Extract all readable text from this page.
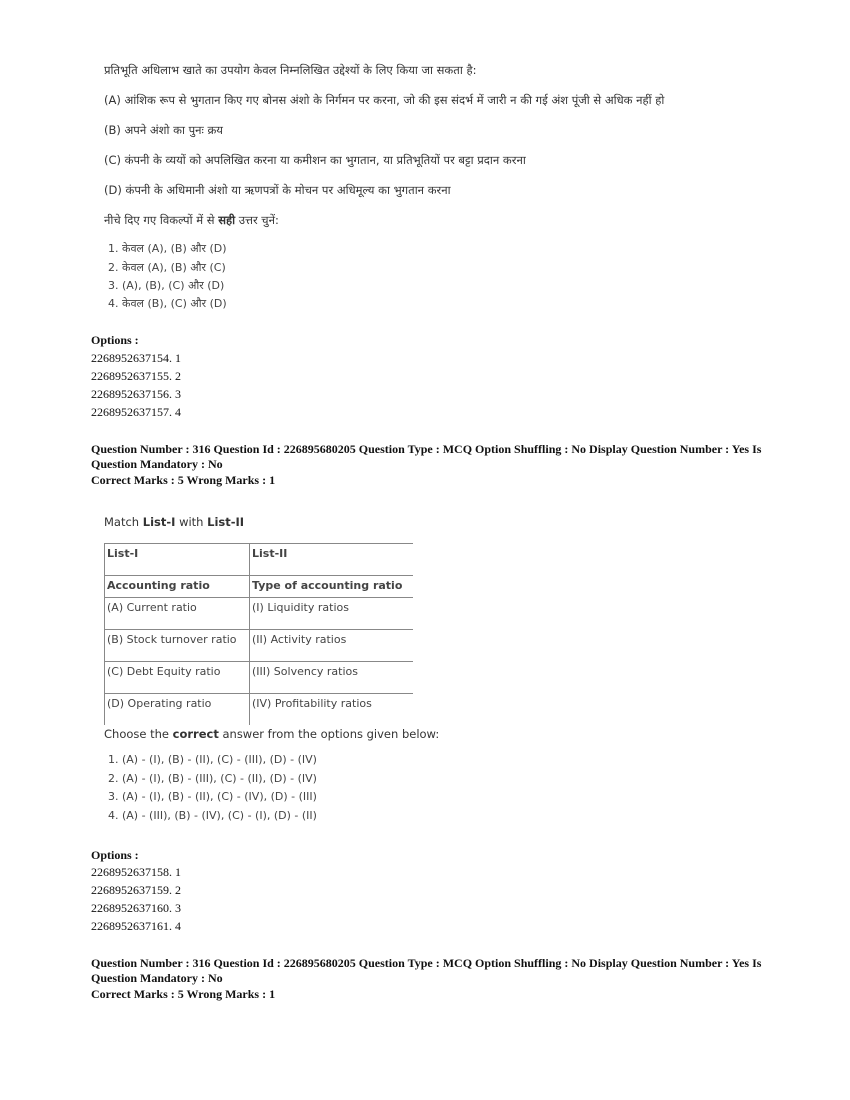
प्रतिभूति अधिलाभ खाते का उपयोग केवल निम्नलिखित उद्देश्यों के लिए किया जा सकता है:
(A) आंशिक रूप से भुगतान किए गए बोनस अंशो के निर्गमन पर करना, जो की इस संदर्भ में जारी न की गई अंश पूंजी से अधिक नहीं हो
(B) अपने अंशो का पुनः क्रय
(C) कंपनी के व्ययों को अपलिखित करना या कमीशन का भुगतान, या प्रतिभूतियों पर बट्टा प्रदान करना
(D) कंपनी के अधिमानी अंशो या ऋणपत्रों के मोचन पर अधिमूल्य का भुगतान करना
नीचे दिए गए विकल्पों में से सही उत्तर चुनें:
1. केवल (A), (B) और (D)
2. केवल (A), (B) और (C)
3. (A), (B), (C) और (D)
4. केवल (B), (C) और (D)
Options :
2268952637154. 1
2268952637155. 2
2268952637156. 3
2268952637157. 4
Question Number : 316 Question Id : 226895680205 Question Type : MCQ Option Shuffling : No Display Question Number : Yes Is
Question Mandatory : No
Correct Marks : 5 Wrong Marks : 1
Match List-I with List-II
List-I	List-II
Accounting ratio	Type of accounting ratio
(A) Current ratio	(I) Liquidity ratios
(B) Stock turnover ratio	(II) Activity ratios
(C) Debt Equity ratio	(III) Solvency ratios
(D) Operating ratio	(IV) Profitability ratios
Choose the correct answer from the options given below:
1. (A) - (I), (B) - (II), (C) - (III), (D) - (IV)
2. (A) - (I), (B) - (III), (C) - (II), (D) - (IV)
3. (A) - (I), (B) - (II), (C) - (IV), (D) - (III)
4. (A) - (III), (B) - (IV), (C) - (I), (D) - (II)
Options :
2268952637158. 1
2268952637159. 2
2268952637160. 3
2268952637161. 4
Question Number : 316 Question Id : 226895680205 Question Type : MCQ Option Shuffling : No Display Question Number : Yes Is
Question Mandatory : No
Correct Marks : 5 Wrong Marks : 1
